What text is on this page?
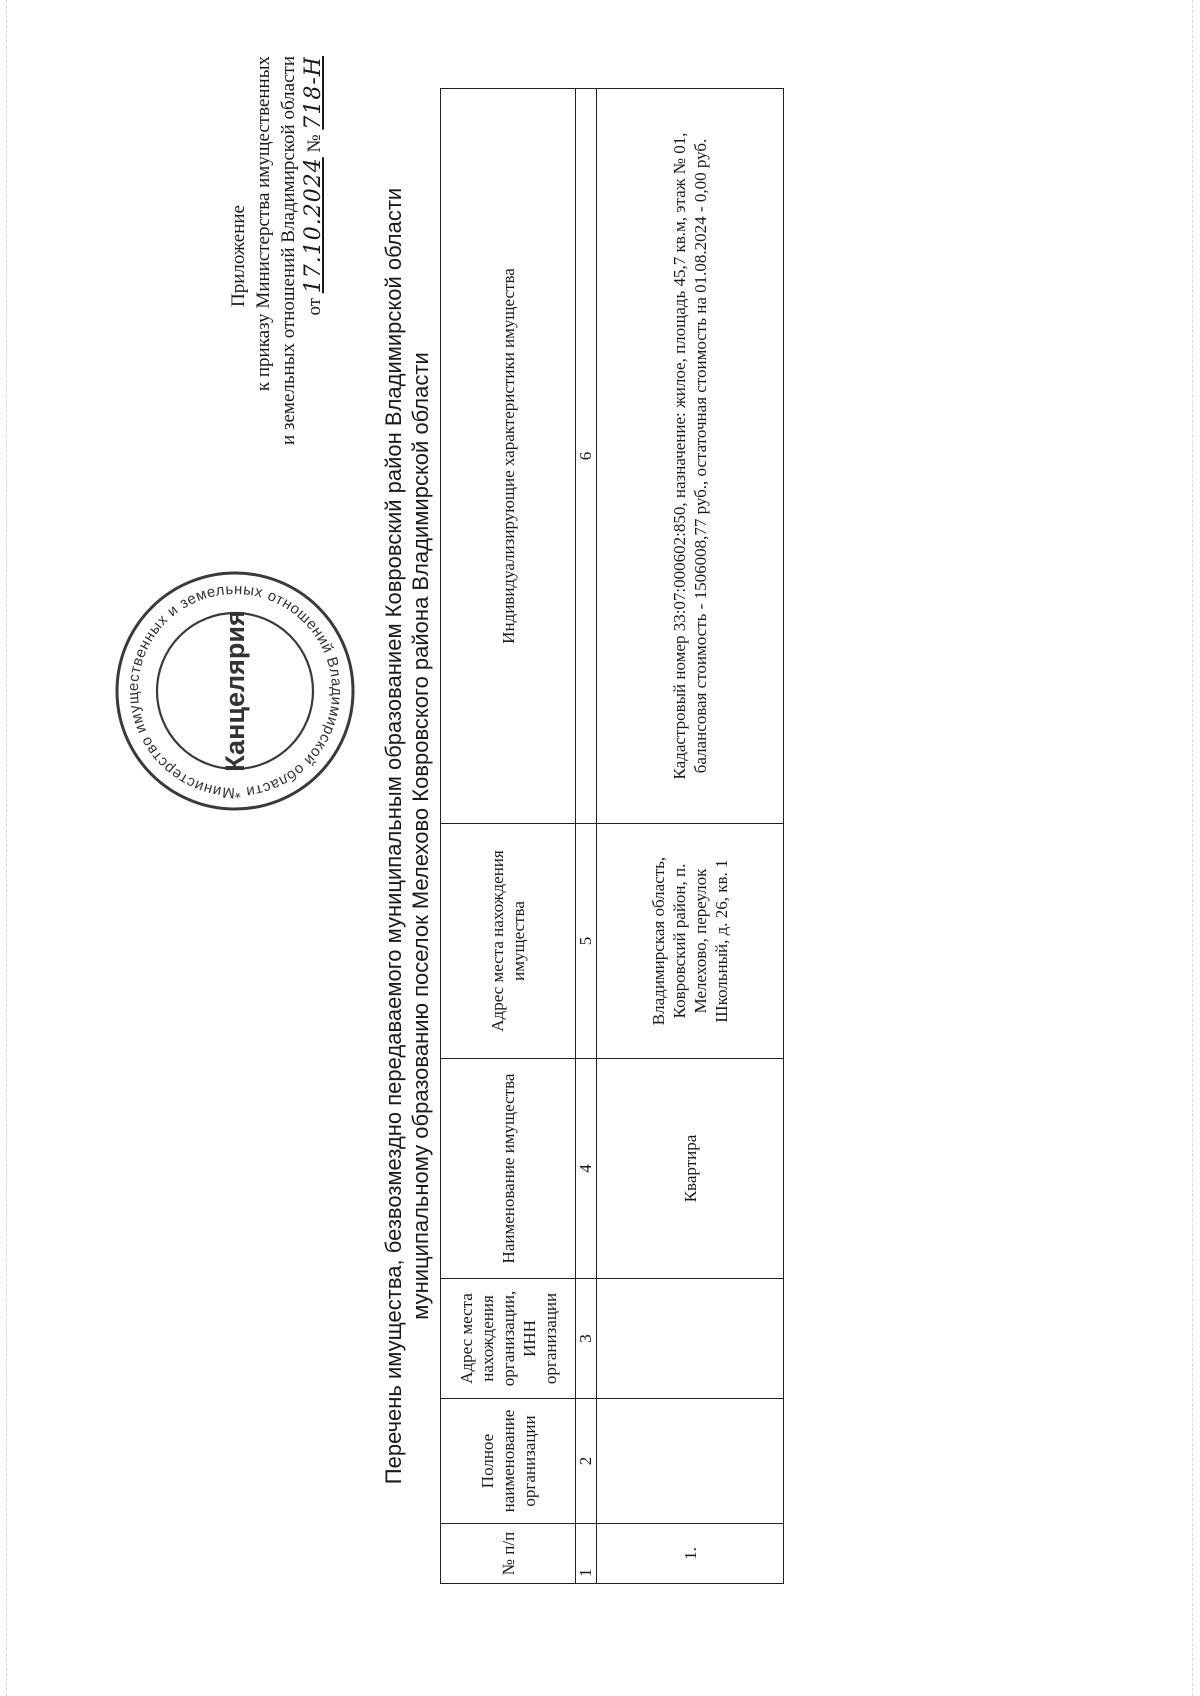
Приложение к приказу Министерства имущественных и земельных отношений Владимирской области от 17.10.2024 № 718-Н
Министерство имущественных и земельных отношений Владимирской области *
Канцелярия	Перечень имущества, безвозмездно передаваемого муниципальным образованием Ковровский район Владимирской области муниципальному образованию поселок Мелехово Ковровского района Владимирской области
№ п/п	Полное наименование организации	Адрес места нахождения организации, ИНН организации	Наименование имущества	Адрес места нахождения имущества	Индивидуализирующие характеристики имущества
1	2	3	4	5	6
1.			Квартира	Владимирская область, Ковровский район, п. Мелехово, переулок Школьный, д. 26, кв. 1	Кадастровый номер 33:07:000602:850, назначение: жилое, площадь 45,7 кв.м, этаж № 01, балансовая стоимость - 1506008,77 руб., остаточная стоимость на 01.08.2024 - 0,00 руб.
